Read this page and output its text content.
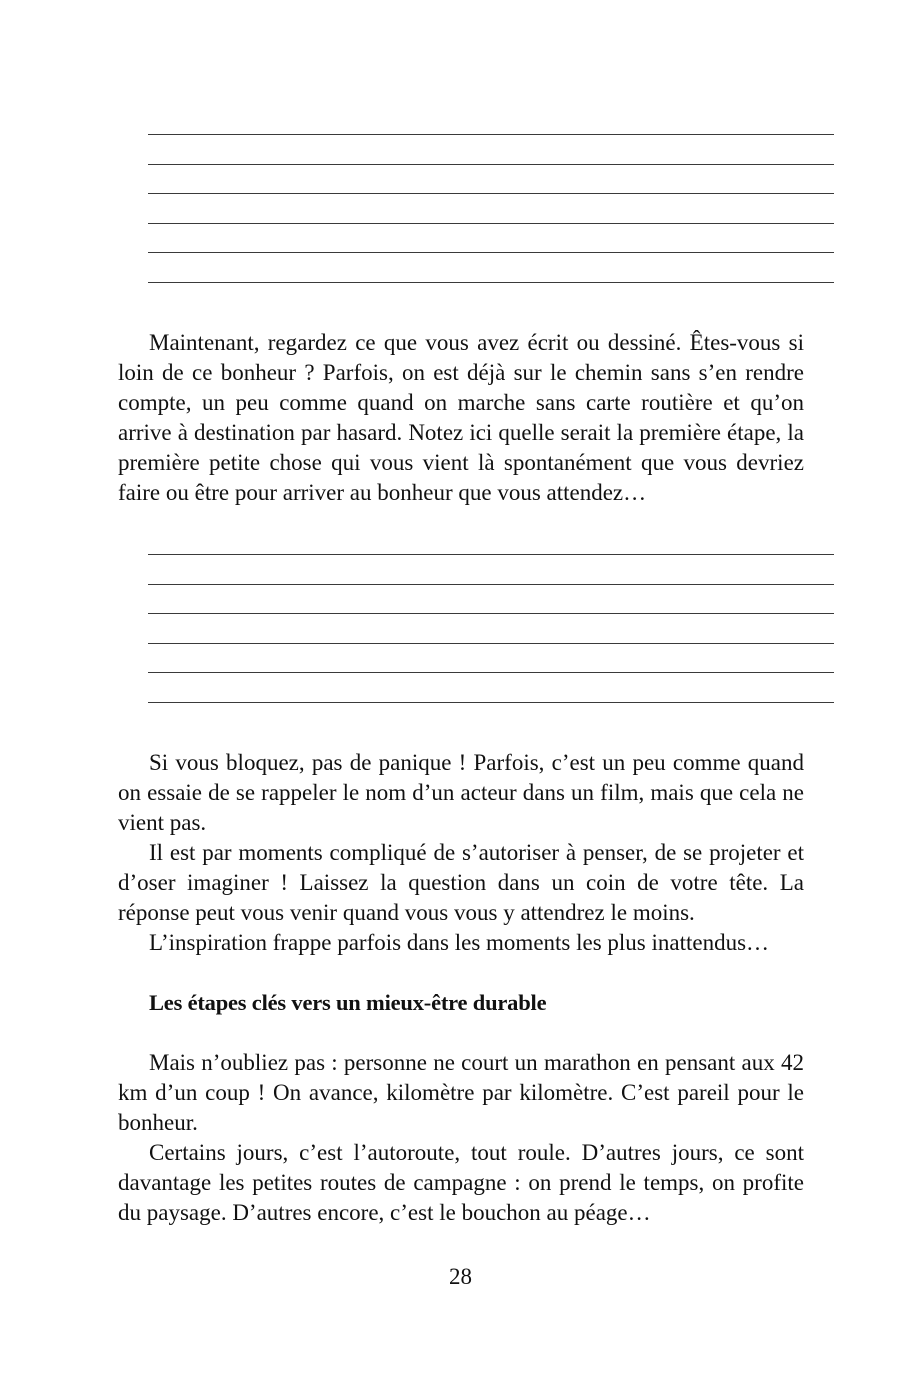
Maintenant, regardez ce que vous avez écrit ou dessiné. Êtes-vous si loin de ce bonheur ? Parfois, on est déjà sur le chemin sans s’en rendre compte, un peu comme quand on marche sans carte routière et qu’on arrive à destination par hasard. Notez ici quelle serait la première étape, la première petite chose qui vous vient là spontanément que vous devriez faire ou être pour arriver au bonheur que vous attendez…

Si vous bloquez, pas de panique ! Parfois, c’est un peu comme quand on essaie de se rappeler le nom d’un acteur dans un film, mais que cela ne vient pas.

Il est par moments compliqué de s’autoriser à penser, de se projeter et d’oser imaginer ! Laissez la question dans un coin de votre tête. La réponse peut vous venir quand vous vous y attendrez le moins.

L’inspiration frappe parfois dans les moments les plus inattendus…

Les étapes clés vers un mieux-être durable

Mais n’oubliez pas : personne ne court un marathon en pensant aux 42 km d’un coup ! On avance, kilomètre par kilomètre. C’est pareil pour le bonheur.

Certains jours, c’est l’autoroute, tout roule. D’autres jours, ce sont davantage les petites routes de campagne : on prend le temps, on profite du paysage. D’autres encore, c’est le bouchon au péage…

28
